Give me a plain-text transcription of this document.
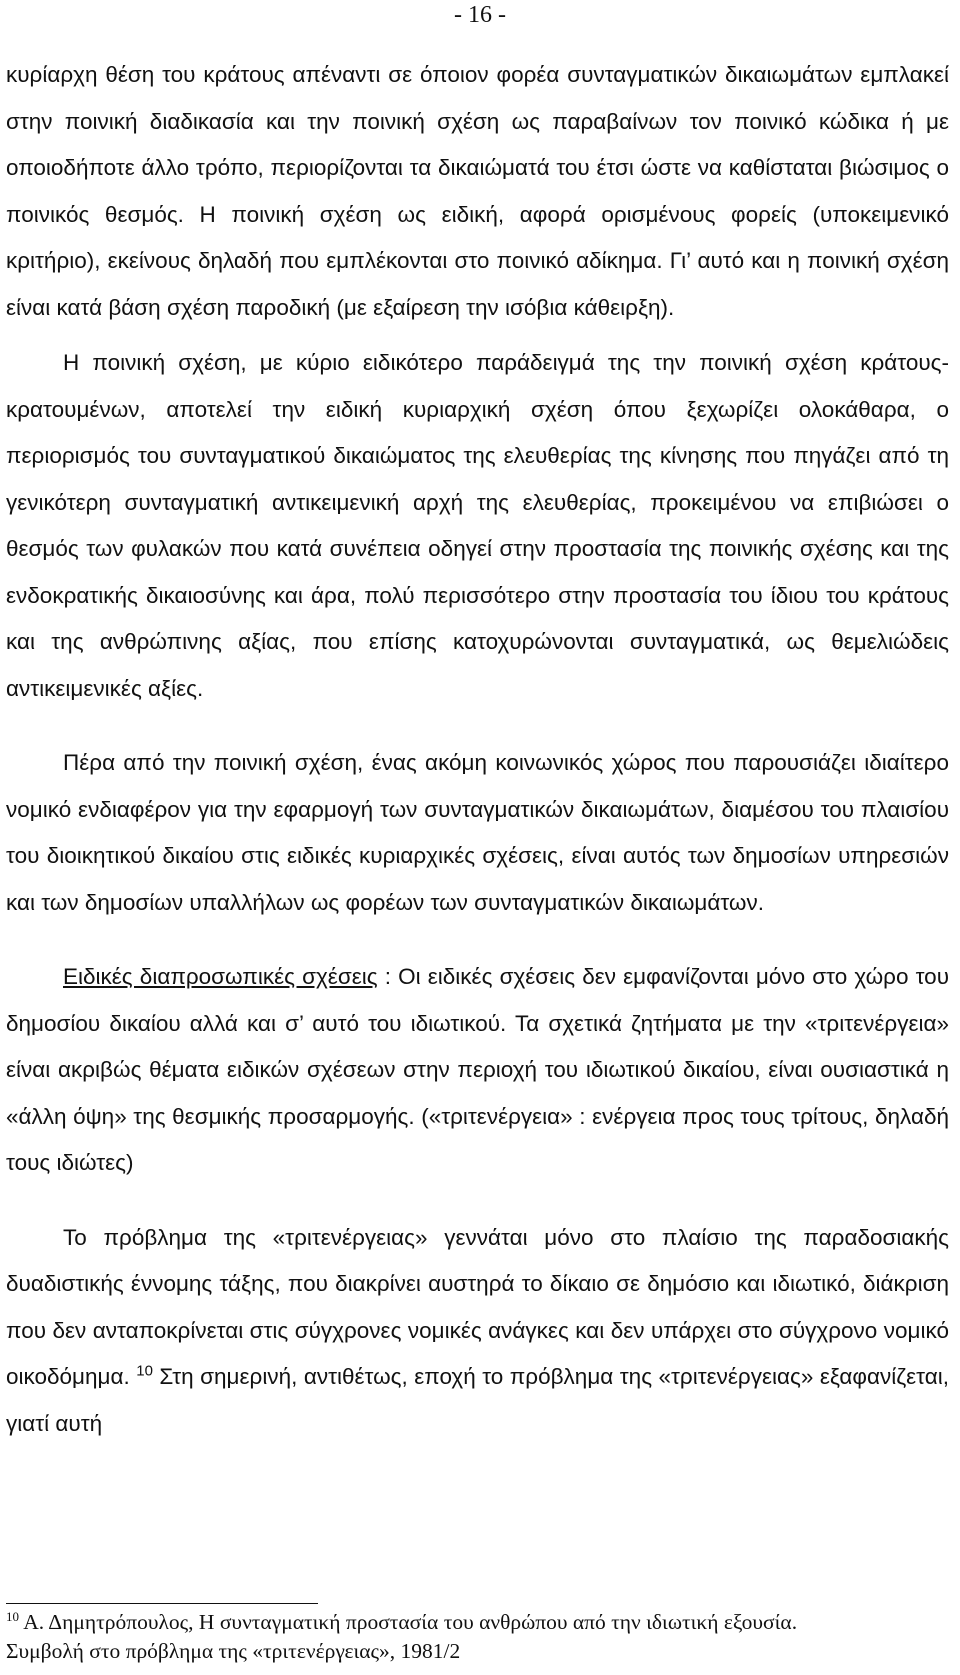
- 16 -

κυρίαρχη θέση του κράτους απέναντι σε όποιον φορέα συνταγματικών δικαιωμάτων εμπλακεί στην ποινική διαδικασία και την ποινική σχέση ως παραβαίνων τον ποινικό κώδικα ή με οποιοδήποτε άλλο τρόπο, περιορίζονται τα δικαιώματά του έτσι ώστε να καθίσταται βιώσιμος ο ποινικός θεσμός. Η ποινική σχέση ως ειδική, αφορά ορισμένους φορείς (υποκειμενικό κριτήριο), εκείνους δηλαδή που εμπλέκονται στο ποινικό αδίκημα. Γι’ αυτό και η ποινική σχέση είναι κατά βάση σχέση παροδική (με εξαίρεση την ισόβια κάθειρξη).

Η ποινική σχέση, με κύριο ειδικότερο παράδειγμά της την ποινική σχέση κράτους-κρατουμένων, αποτελεί την ειδική κυριαρχική σχέση όπου ξεχωρίζει ολοκάθαρα, ο περιορισμός του συνταγματικού δικαιώματος της ελευθερίας της κίνησης που πηγάζει από τη γενικότερη συνταγματική αντικειμενική αρχή της ελευθερίας, προκειμένου να επιβιώσει ο θεσμός των φυλακών που κατά συνέπεια οδηγεί στην προστασία της ποινικής σχέσης και της ενδοκρατικής δικαιοσύνης και άρα, πολύ περισσότερο στην προστασία του ίδιου του κράτους και της ανθρώπινης αξίας, που επίσης κατοχυρώνονται συνταγματικά, ως θεμελιώδεις αντικειμενικές αξίες.

Πέρα από την ποινική σχέση, ένας ακόμη κοινωνικός χώρος που παρουσιάζει ιδιαίτερο νομικό ενδιαφέρον για την εφαρμογή των συνταγματικών δικαιωμάτων, διαμέσου του πλαισίου του διοικητικού δικαίου στις ειδικές κυριαρχικές σχέσεις, είναι αυτός των δημοσίων υπηρεσιών και των δημοσίων υπαλλήλων ως φορέων των συνταγματικών δικαιωμάτων.

Ειδικές διαπροσωπικές σχέσεις : Οι ειδικές σχέσεις δεν εμφανίζονται μόνο στο χώρο του δημοσίου δικαίου αλλά και σ’ αυτό του ιδιωτικού. Τα σχετικά ζητήματα με την «τριτενέργεια» είναι ακριβώς θέματα ειδικών σχέσεων στην περιοχή του ιδιωτικού δικαίου, είναι ουσιαστικά η «άλλη όψη» της θεσμικής προσαρμογής. («τριτενέργεια» : ενέργεια προς τους τρίτους, δηλαδή τους ιδιώτες)

Το πρόβλημα της «τριτενέργειας» γεννάται μόνο στο πλαίσιο της παραδοσιακής δυαδιστικής έννομης τάξης, που διακρίνει αυστηρά το δίκαιο σε δημόσιο και ιδιωτικό, διάκριση που δεν ανταποκρίνεται στις σύγχρονες νομικές ανάγκες και δεν υπάρχει στο σύγχρονο νομικό οικοδόμημα. $^{10}$ Στη σημερινή, αντιθέτως, εποχή το πρόβλημα της «τριτενέργειας» εξαφανίζεται, γιατί αυτή

$^{10}$ Α. Δημητρόπουλος, Η συνταγματική προστασία του ανθρώπου από την ιδιωτική εξουσία. Συμβολή στο πρόβλημα της «τριτενέργειας», 1981/2
